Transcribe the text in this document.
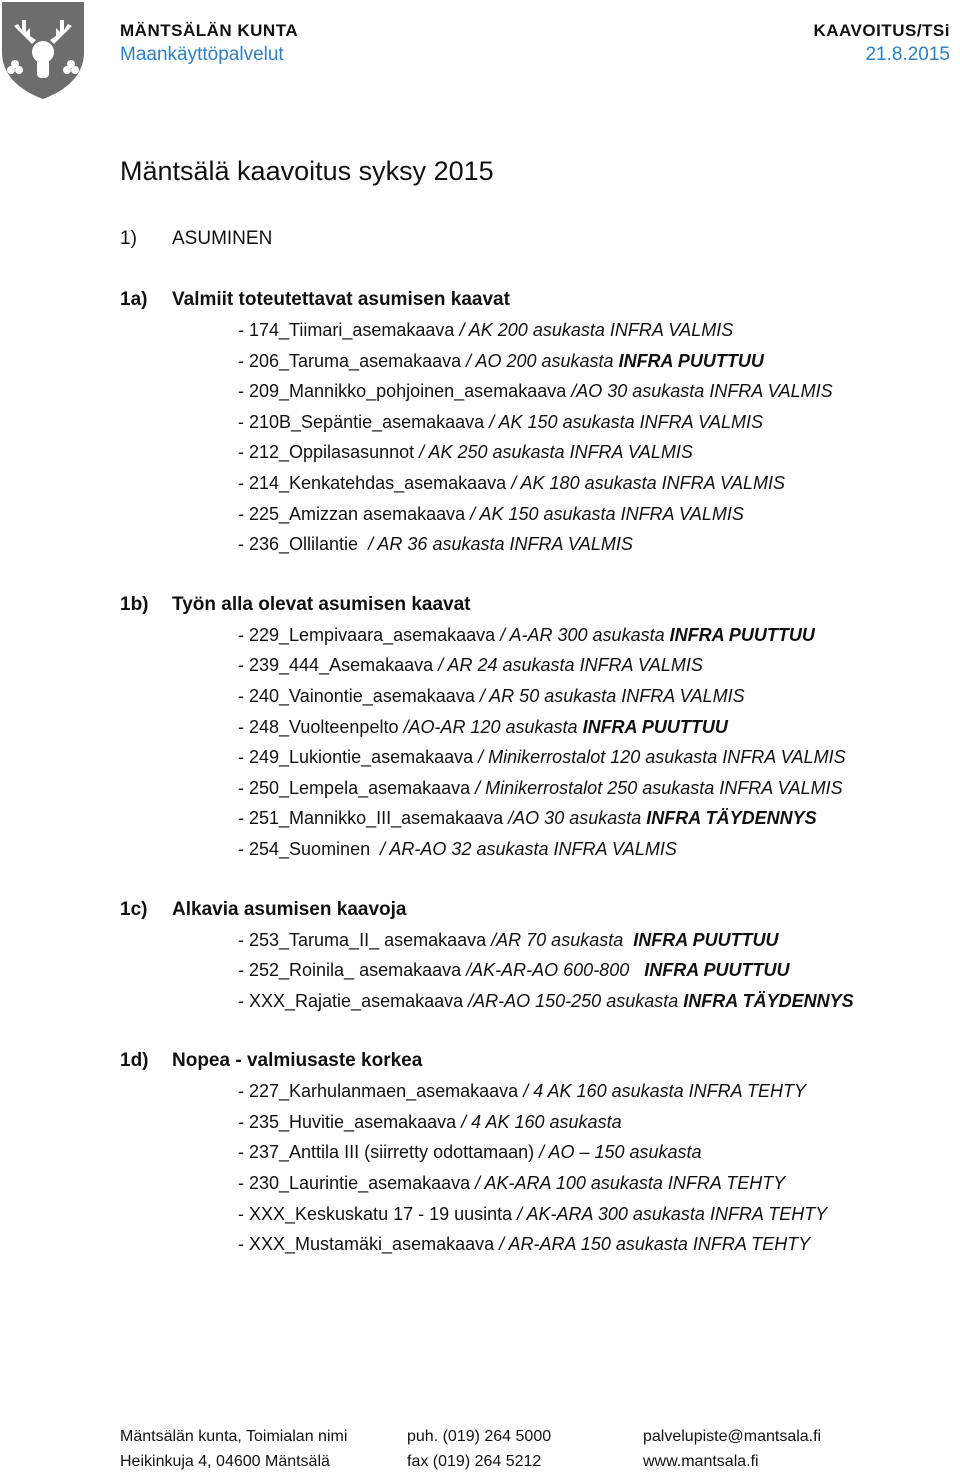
MÄNTSÄLÄN KUNTA
Maankäyttöpalvelut
KAAVOITUS/TSi
21.8.2015
Mäntsälä kaavoitus syksy 2015
1)	ASUMINEN
1a)	Valmiit toteutettavat asumisen kaavat
- 174_Tiimari_asemakaava / AK 200 asukasta INFRA VALMIS
- 206_Taruma_asemakaava / AO 200 asukasta INFRA PUUTTUU
- 209_Mannikko_pohjoinen_asemakaava /AO 30 asukasta INFRA VALMIS
- 210B_Sepäntie_asemakaava / AK 150 asukasta INFRA VALMIS
- 212_Oppilasasunnot / AK 250 asukasta INFRA VALMIS
- 214_Kenkatehdas_asemakaava / AK 180 asukasta INFRA VALMIS
- 225_Amizzan asemakaava / AK 150 asukasta INFRA VALMIS
- 236_Ollilantie  / AR 36 asukasta INFRA VALMIS
1b)	Työn alla olevat asumisen kaavat
- 229_Lempivaara_asemakaava / A-AR 300 asukasta INFRA PUUTTUU
- 239_444_Asemakaava / AR 24 asukasta INFRA VALMIS
- 240_Vainontie_asemakaava / AR 50 asukasta INFRA VALMIS
- 248_Vuolteenpelto /AO-AR 120 asukasta INFRA PUUTTUU
- 249_Lukiontie_asemakaava / Minikerrostalot 120 asukasta INFRA VALMIS
- 250_Lempela_asemakaava / Minikerrostalot 250 asukasta INFRA VALMIS
- 251_Mannikko_III_asemakaava /AO 30 asukasta INFRA TÄYDENNYS
- 254_Suominen  / AR-AO 32 asukasta INFRA VALMIS
1c)	Alkavia asumisen kaavoja
- 253_Taruma_II_ asemakaava /AR 70 asukasta  INFRA PUUTTUU
- 252_Roinila_ asemakaava /AK-AR-AO 600-800   INFRA PUUTTUU
- XXX_Rajatie_asemakaava /AR-AO 150-250 asukasta INFRA TÄYDENNYS
1d)	Nopea - valmiusaste korkea
- 227_Karhulanmaen_asemakaava / 4 AK 160 asukasta INFRA TEHTY
- 235_Huvitie_asemakaava / 4 AK 160 asukasta
- 237_Anttila III (siirretty odottamaan) / AO – 150 asukasta
- 230_Laurintie_asemakaava / AK-ARA 100 asukasta INFRA TEHTY
- XXX_Keskuskatu 17 - 19 uusinta / AK-ARA 300 asukasta INFRA TEHTY
- XXX_Mustamäki_asemakaava / AR-ARA 150 asukasta INFRA TEHTY
Mäntsälän kunta, Toimialan nimi	puh. (019) 264 5000	palvelupiste@mantsala.fi
Heikinkuja 4, 04600 Mäntsälä	fax (019) 264 5212	www.mantsala.fi
